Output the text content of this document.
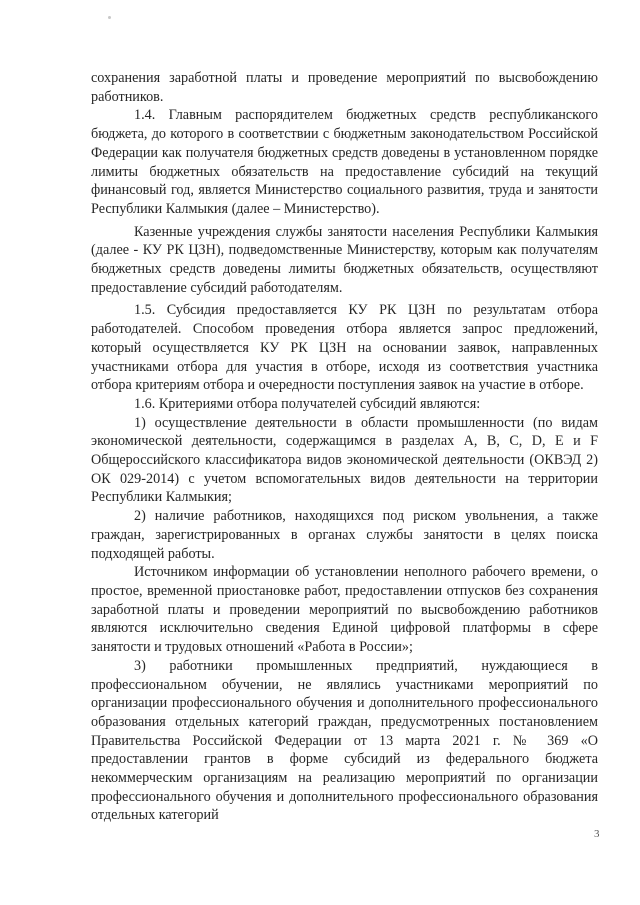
сохранения заработной платы и проведение мероприятий по высвобождению работников.

1.4. Главным распорядителем бюджетных средств республиканского бюджета, до которого в соответствии с бюджетным законодательством Российской Федерации как получателя бюджетных средств доведены в установленном порядке лимиты бюджетных обязательств на предоставление субсидий на текущий финансовый год, является Министерство социального развития, труда и занятости Республики Калмыкия (далее – Министерство).

Казенные учреждения службы занятости населения Республики Калмыкия (далее - КУ РК ЦЗН), подведомственные Министерству, которым как получателям бюджетных средств доведены лимиты бюджетных обязательств, осуществляют предоставление субсидий работодателям.

1.5. Субсидия предоставляется КУ РК ЦЗН по результатам отбора работодателей. Способом проведения отбора является запрос предложений, который осуществляется КУ РК ЦЗН на основании заявок, направленных участниками отбора для участия в отборе, исходя из соответствия участника отбора критериям отбора и очередности поступления заявок на участие в отборе.

1.6. Критериями отбора получателей субсидий являются:

1) осуществление деятельности в области промышленности (по видам экономической деятельности, содержащимся в разделах A, B, C, D, E и F Общероссийского классификатора видов экономической деятельности (ОКВЭД 2) ОК 029-2014) с учетом вспомогательных видов деятельности на территории Республики Калмыкия;

2) наличие работников, находящихся под риском увольнения, а также граждан, зарегистрированных в органах службы занятости в целях поиска подходящей работы.

Источником информации об установлении неполного рабочего времени, о простое, временной приостановке работ, предоставлении отпусков без сохранения заработной платы и проведении мероприятий по высвобождению работников являются исключительно сведения Единой цифровой платформы в сфере занятости и трудовых отношений «Работа в России»;

3) работники промышленных предприятий, нуждающиеся в профессиональном обучении, не являлись участниками мероприятий по организации профессионального обучения и дополнительного профессионального образования отдельных категорий граждан, предусмотренных постановлением Правительства Российской Федерации от 13 марта 2021 г. № 369 «О предоставлении грантов в форме субсидий из федерального бюджета некоммерческим организациям на реализацию мероприятий по организации профессионального обучения и дополнительного профессионального образования отдельных категорий

3
